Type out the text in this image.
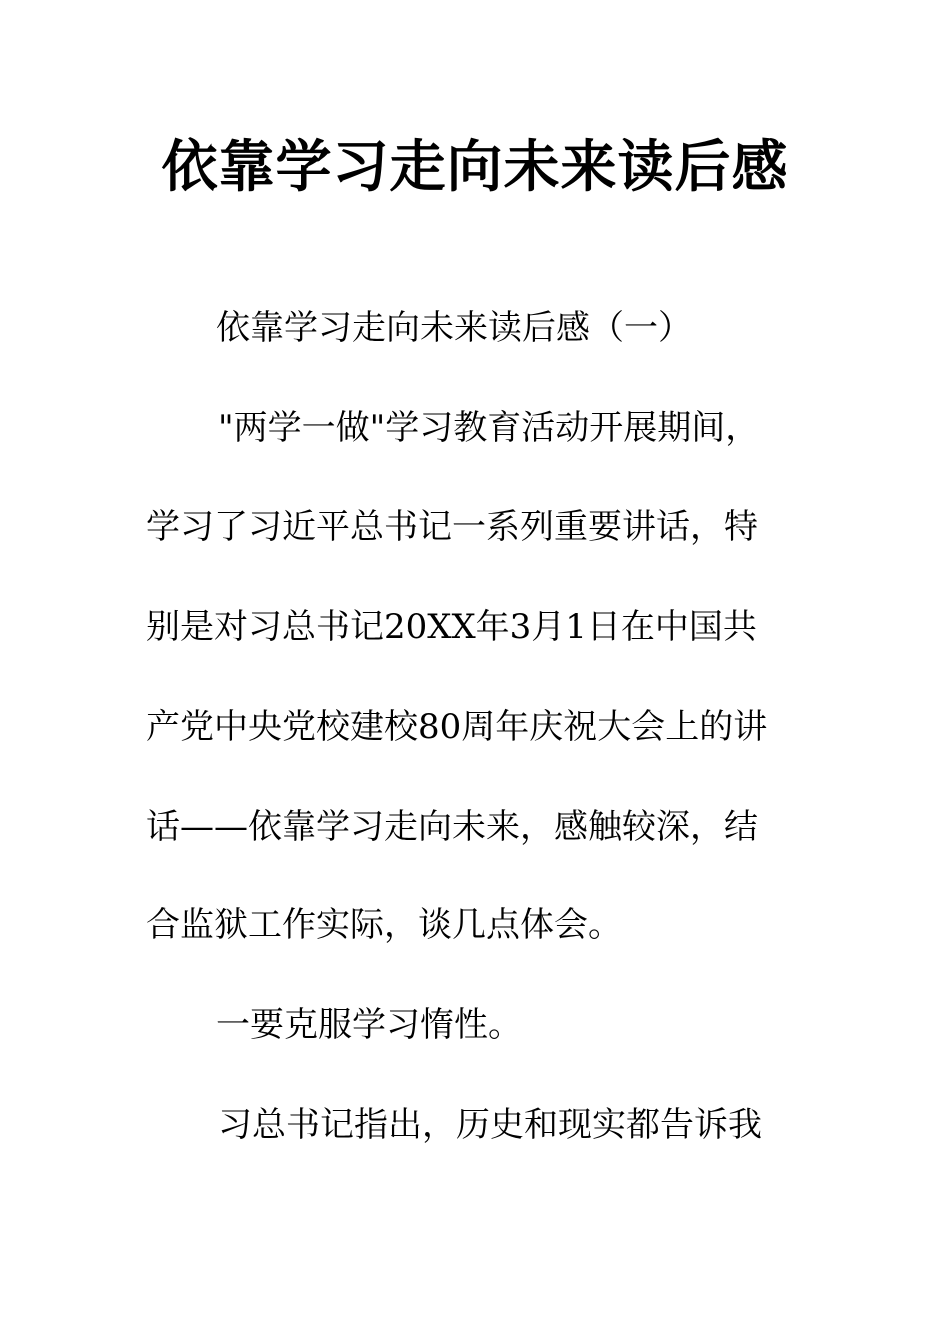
依靠学习走向未来读后感
依靠学习走向未来读后感（一）
"两学一做"学习教育活动开展期间，
学习了习近平总书记一系列重要讲话，特
别是对习总书记20XX年3月1日在中国共
产党中央党校建校80周年庆祝大会上的讲
话——依靠学习走向未来，感触较深，结
合监狱工作实际，谈几点体会。
一要克服学习惰性。
习总书记指出，历史和现实都告诉我
